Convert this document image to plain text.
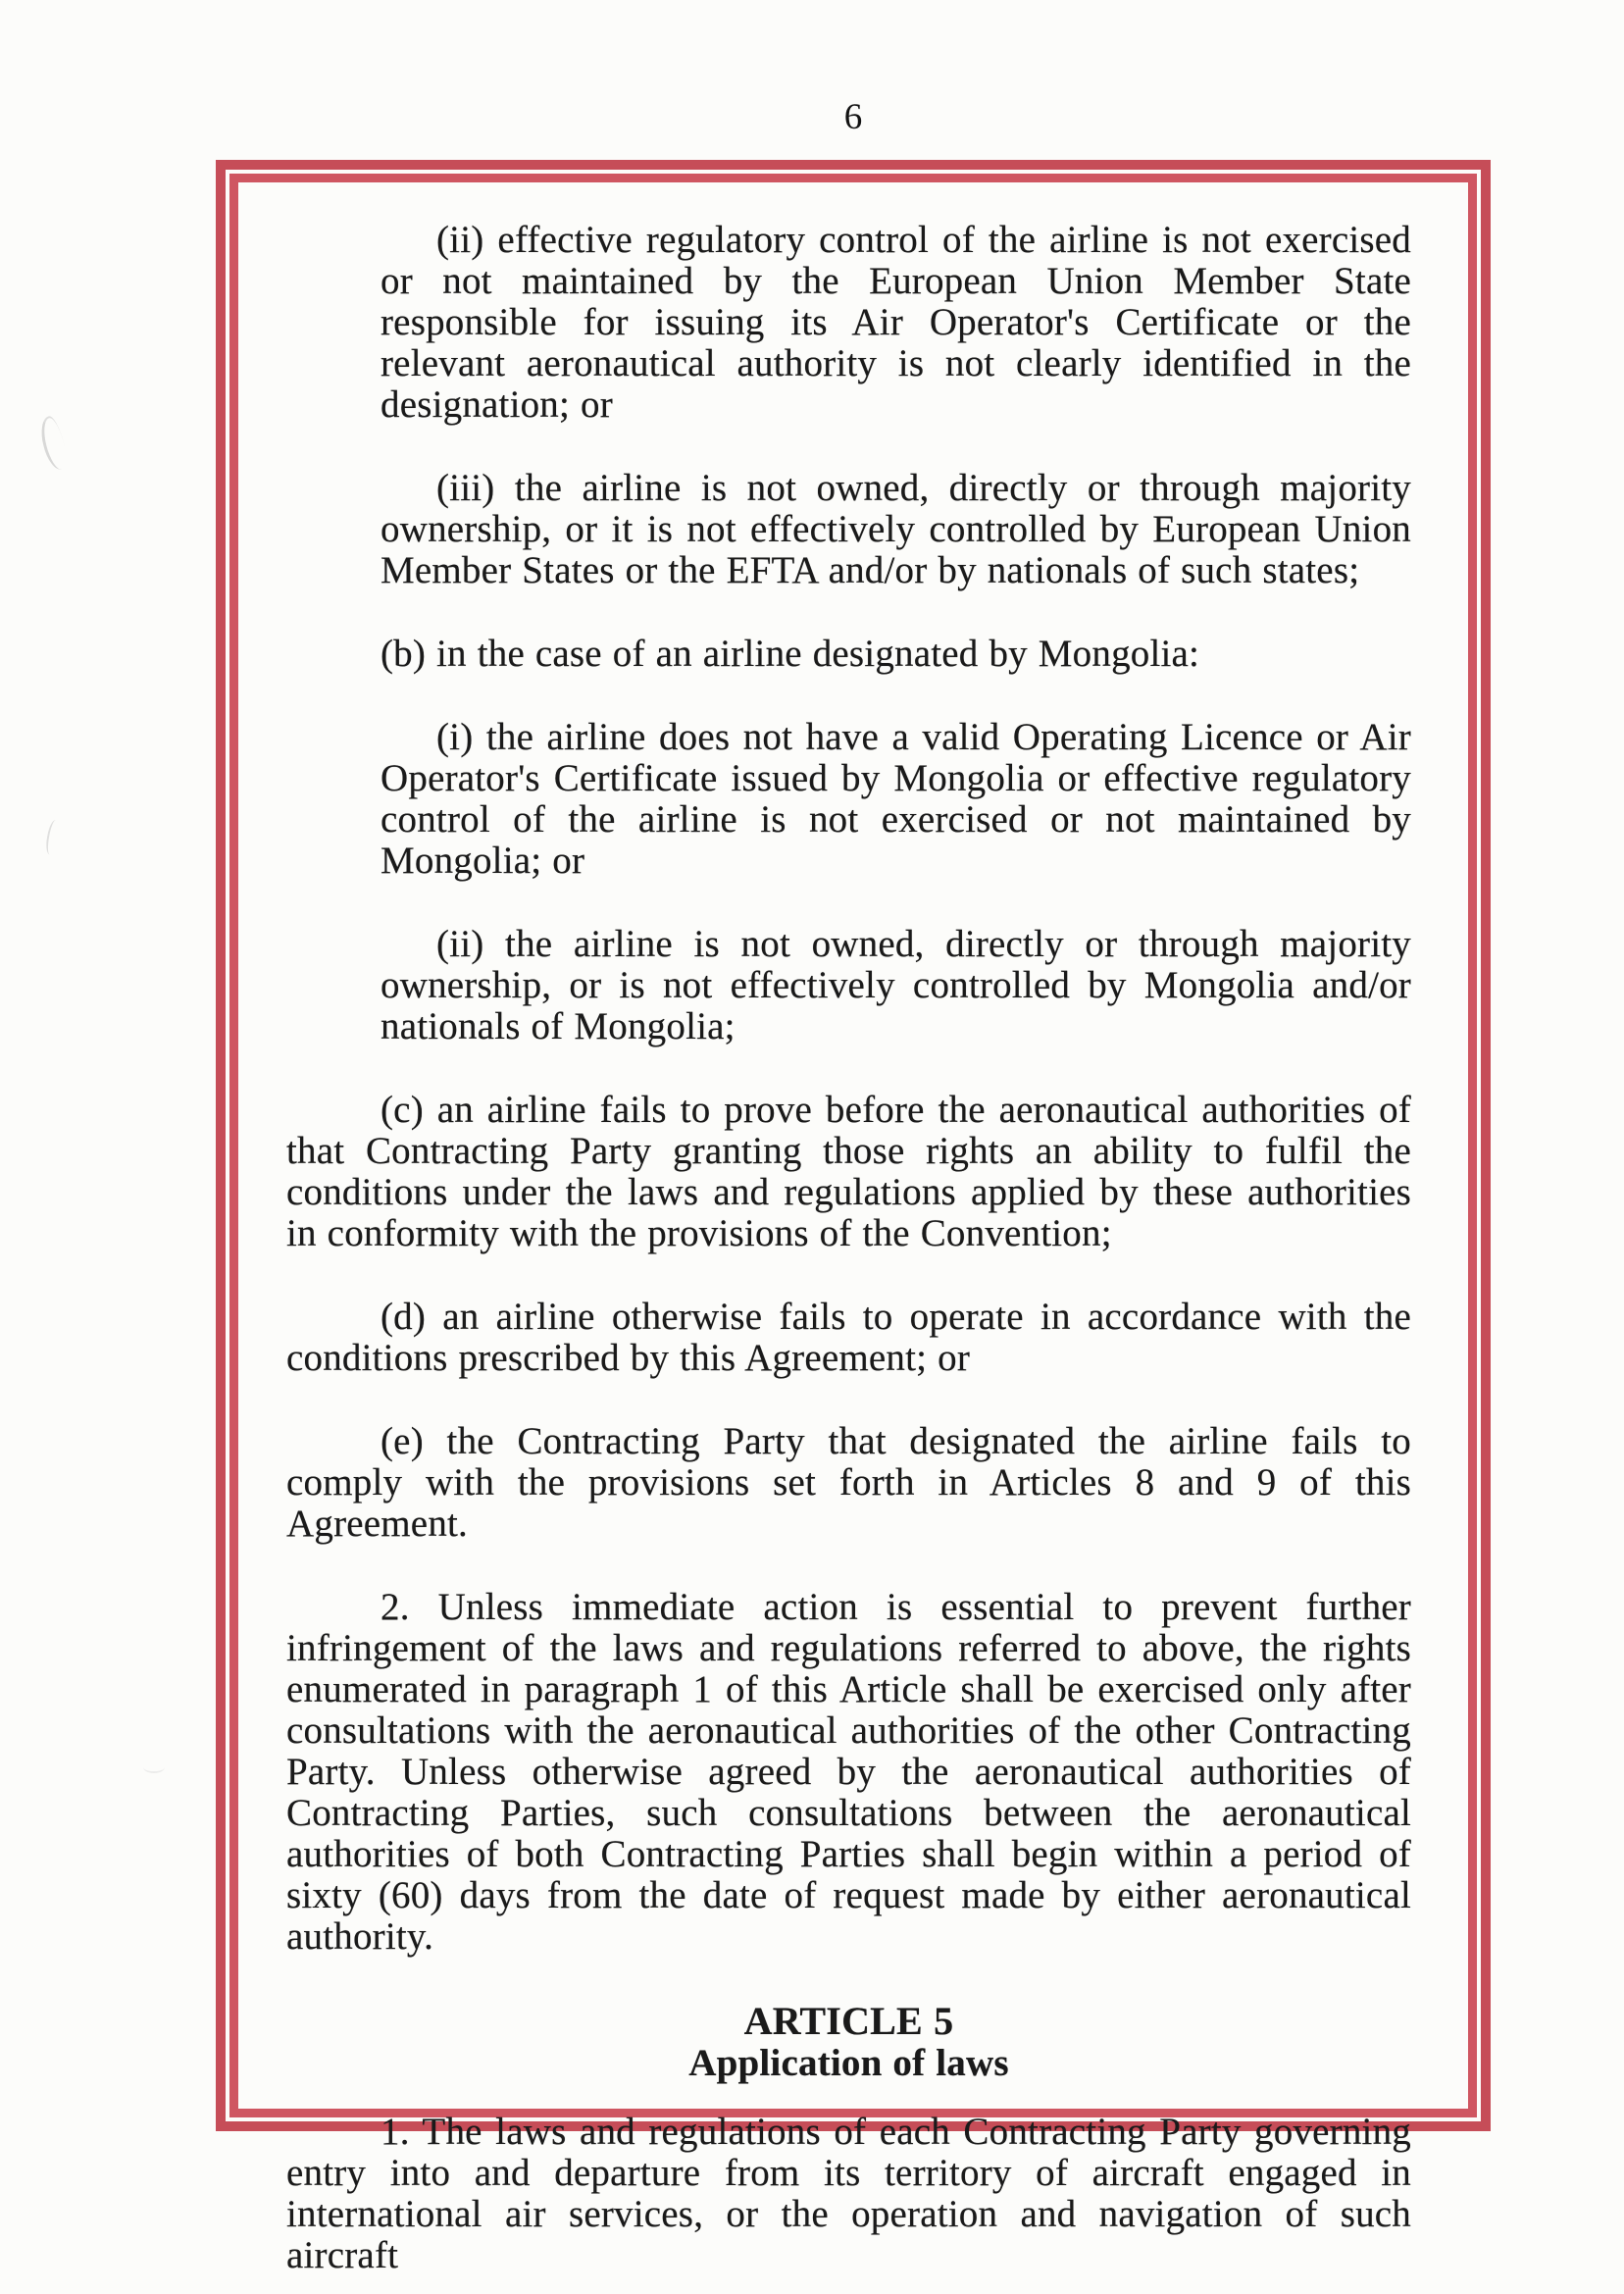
6

(ii) effective regulatory control of the airline is not exercised or not maintained by the European Union Member State responsible for issuing its Air Operator's Certificate or the relevant aeronautical authority is not clearly identified in the designation; or

(iii) the airline is not owned, directly or through majority ownership, or it is not effectively controlled by European Union Member States or the EFTA and/or by nationals of such states;

(b) in the case of an airline designated by Mongolia:

(i) the airline does not have a valid Operating Licence or Air Operator's Certificate issued by Mongolia or effective regulatory control of the airline is not exercised or not maintained by Mongolia; or

(ii) the airline is not owned, directly or through majority ownership, or is not effectively controlled by Mongolia and/or nationals of Mongolia;

(c) an airline fails to prove before the aeronautical authorities of that Contracting Party granting those rights an ability to fulfil the conditions under the laws and regulations applied by these authorities in conformity with the provisions of the Convention;

(d) an airline otherwise fails to operate in accordance with the conditions prescribed by this Agreement; or

(e) the Contracting Party that designated the airline fails to comply with the provisions set forth in Articles 8 and 9 of this Agreement.

2. Unless immediate action is essential to prevent further infringement of the laws and regulations referred to above, the rights enumerated in paragraph 1 of this Article shall be exercised only after consultations with the aeronautical authorities of the other Contracting Party. Unless otherwise agreed by the aeronautical authorities of Contracting Parties, such consultations between the aeronautical authorities of both Contracting Parties shall begin within a period of sixty (60) days from the date of request made by either aeronautical authority.

ARTICLE 5
Application of laws

1. The laws and regulations of each Contracting Party governing entry into and departure from its territory of aircraft engaged in international air services, or the operation and navigation of such aircraft
